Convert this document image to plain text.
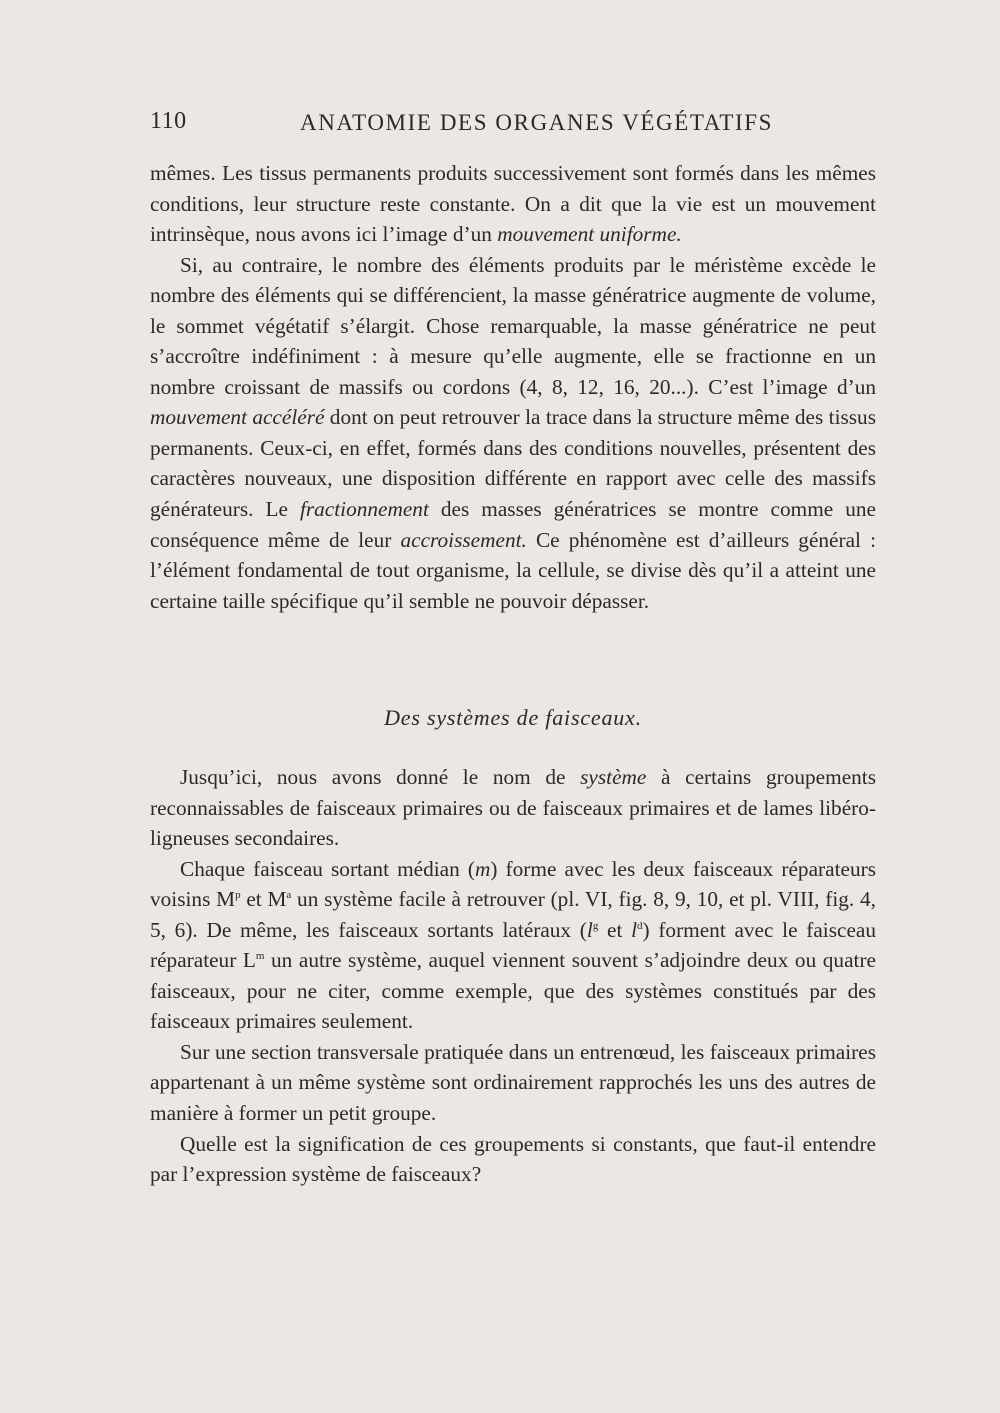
110	ANATOMIE DES ORGANES VÉGÉTATIFS

mêmes. Les tissus permanents produits successivement sont formés dans les mêmes conditions, leur structure reste constante. On a dit que la vie est un mouvement intrinsèque, nous avons ici l’image d’un mouvement uniforme.

Si, au contraire, le nombre des éléments produits par le méristème excède le nombre des éléments qui se différencient, la masse génératrice augmente de volume, le sommet végétatif s’élargit. Chose remarquable, la masse génératrice ne peut s’accroître indéfiniment : à mesure qu’elle augmente, elle se fractionne en un nombre croissant de massifs ou cordons (4, 8, 12, 16, 20...). C’est l’image d’un mouvement accéléré dont on peut retrouver la trace dans la structure même des tissus permanents. Ceux-ci, en effet, formés dans des conditions nouvelles, présentent des caractères nouveaux, une disposition différente en rapport avec celle des massifs générateurs. Le fractionnement des masses génératrices se montre comme une conséquence même de leur accroissement. Ce phénomène est d’ailleurs général : l’élément fondamental de tout organisme, la cellule, se divise dès qu’il a atteint une certaine taille spécifique qu’il semble ne pouvoir dépasser.

Des systèmes de faisceaux.

Jusqu’ici, nous avons donné le nom de système à certains groupements reconnaissables de faisceaux primaires ou de faisceaux primaires et de lames libéro-ligneuses secondaires.

Chaque faisceau sortant médian (m) forme avec les deux faisceaux réparateurs voisins $M^p$ et $M^a$ un système facile à retrouver (pl. VI, fig. 8, 9, 10, et pl. VIII, fig. 4, 5, 6). De même, les faisceaux sortants latéraux ($l^g$ et $l^d$) forment avec le faisceau réparateur $L^m$ un autre système, auquel viennent souvent s’adjoindre deux ou quatre faisceaux, pour ne citer, comme exemple, que des systèmes constitués par des faisceaux primaires seulement.

Sur une section transversale pratiquée dans un entrenœud, les faisceaux primaires appartenant à un même système sont ordinairement rapprochés les uns des autres de manière à former un petit groupe.

Quelle est la signification de ces groupements si constants, que faut-il entendre par l’expression système de faisceaux?
